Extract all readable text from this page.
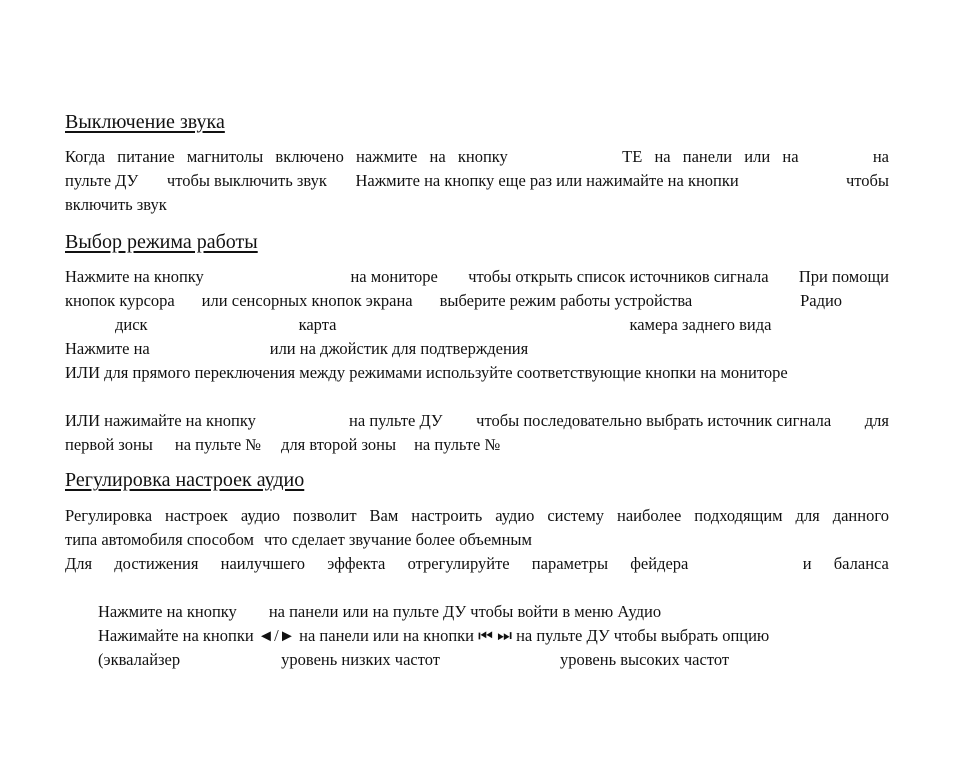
Выключение звука
Когда питание магнитолы включено нажмите на кнопку	TE на панели или на	на
пульте ДУ чтобы выключить звук Нажмите на кнопку еще раз или нажимайте на кнопки	чтобы
включить звук
Выбор режима работы
Нажмите на кнопку	на мониторе чтобы открыть список источников сигнала При помощи
кнопок курсора или сенсорных кнопок экрана выберите режим работы устройства	Радио
диск	карта	камера заднего вида
Нажмите на	или на джойстик для подтверждения
ИЛИ для прямого переключения между режимами используйте соответствующие кнопки на мониторе
ИЛИ нажимайте на кнопку	на пульте ДУ чтобы последовательно выбрать источник сигнала для
первой зоны на пульте № для второй зоны на пульте №
Регулировка настроек аудио
Регулировка настроек аудио позволит Вам настроить аудио систему наиболее подходящим для данного
типа автомобиля способом что сделает звучание более объемным
Для достижения наилучшего эффекта отрегулируйте параметры фейдера	и баланса
Нажмите на кнопку на панели или на пульте ДУ чтобы войти в меню Аудио
Нажимайте на кнопки ◄/► на панели или на кнопки ⏮ ⏭ на пульте ДУ чтобы выбрать опцию
(эквалайзер	уровень низких частот	уровень высоких частот
